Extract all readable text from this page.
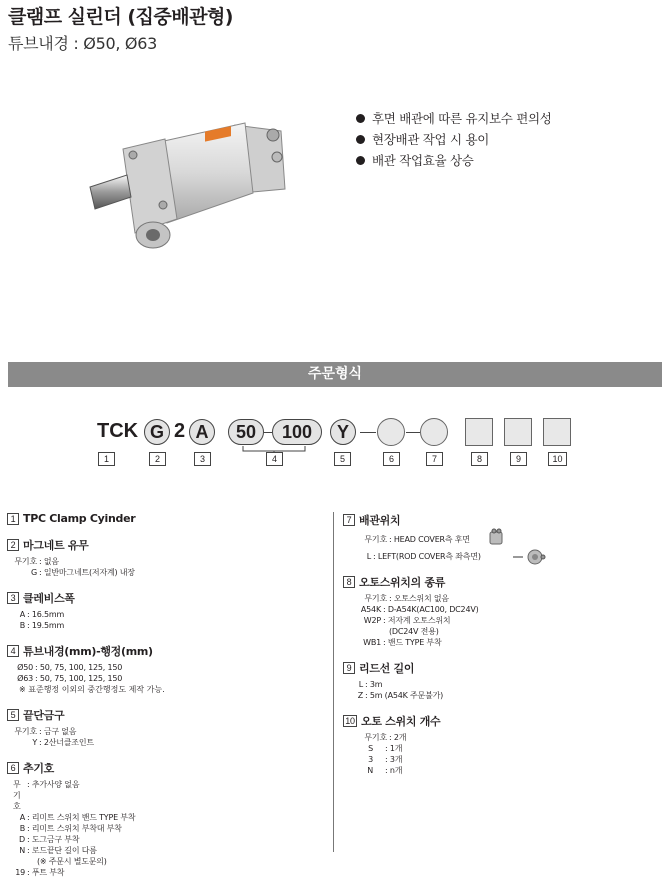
클램프 실린더 (집중배관형)
튜브내경 : Ø50, Ø63
후면 배관에 따른 유지보수 편의성
현장배관 작업 시 용이
배관 작업효율 상승
주문형식
TCK G 2 A	50	100	Y
1	2	3	4	5	6	7	8	9	10
1 TPC Clamp Cyinder
2 마그네트 유무
무기호 : 없음
G : 일반마그네트(저자계) 내장
3 클레비스폭
A : 16.5mm
B : 19.5mm
4 튜브내경(mm)-행정(mm)
Ø50 : 50, 75, 100, 125, 150
Ø63 : 50, 75, 100, 125, 150
※ 표준행정 이외의 중간행정도 제작 가능.
5 끝단금구
무기호 : 금구 없음
Y : 2산너클조인트
6 추기호
무기호
: 추가사양 없음
A : 리미트 스위치 밴드 TYPE 부착
B : 리미트 스위치 부착대 부착
D : 도그금구 부착
N : 로드끝단 길이 다름
(※ 주문시 별도문의)
19 : 푸트 부착
7 배관위치
무기호 : HEAD COVER측 후면
L : LEFT(ROD COVER측 좌측면)
8 오토스위치의 종류
무기호 : 오토스위치 없음
A54K : D-A54K(AC100, DC24V)
W2P : 저자계 오토스위치
(DC24V 전용)
WB1 : 밴드 TYPE 부착
9 리드선 길이
L : 3m
Z : 5m (A54K 주문불가)
10 오토 스위치 개수
무기호 : 2개
S	: 1개
3	: 3개
N	: n개
